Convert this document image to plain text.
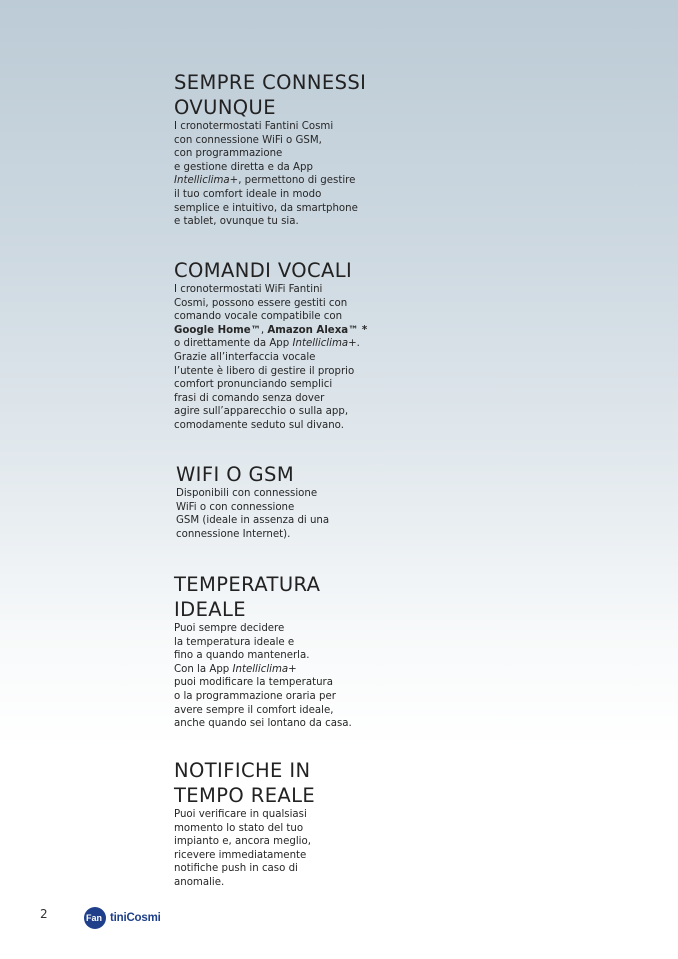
SEMPRE CONNESSI
OVUNQUE

I cronotermostati Fantini Cosmi
con connessione WiFi o GSM,
con programmazione
e gestione diretta e da App
Intelliclima+, permettono di gestire
il tuo comfort ideale in modo
semplice e intuitivo, da smartphone
e tablet, ovunque tu sia.

COMANDI VOCALI

I cronotermostati WiFi Fantini
Cosmi, possono essere gestiti con
comando vocale compatibile con
Google Home™, Amazon Alexa™ *
o direttamente da App Intelliclima+.
Grazie all’interfaccia vocale
l’utente è libero di gestire il proprio
comfort pronunciando semplici
frasi di comando senza dover
agire sull’apparecchio o sulla app,
comodamente seduto sul divano.

WIFI O GSM

Disponibili con connessione
WiFi o con connessione
GSM (ideale in assenza di una
connessione Internet).

TEMPERATURA
IDEALE

Puoi sempre decidere
la temperatura ideale e
fino a quando mantenerla.
Con la App Intelliclima+
puoi modificare la temperatura
o la programmazione oraria per
avere sempre il comfort ideale,
anche quando sei lontano da casa.

NOTIFICHE IN
TEMPO REALE

Puoi verificare in qualsiasi
momento lo stato del tuo
impianto e, ancora meglio,
ricevere immediatamente
notifiche push in caso di
anomalie.

2	Fan tiniCosmi
